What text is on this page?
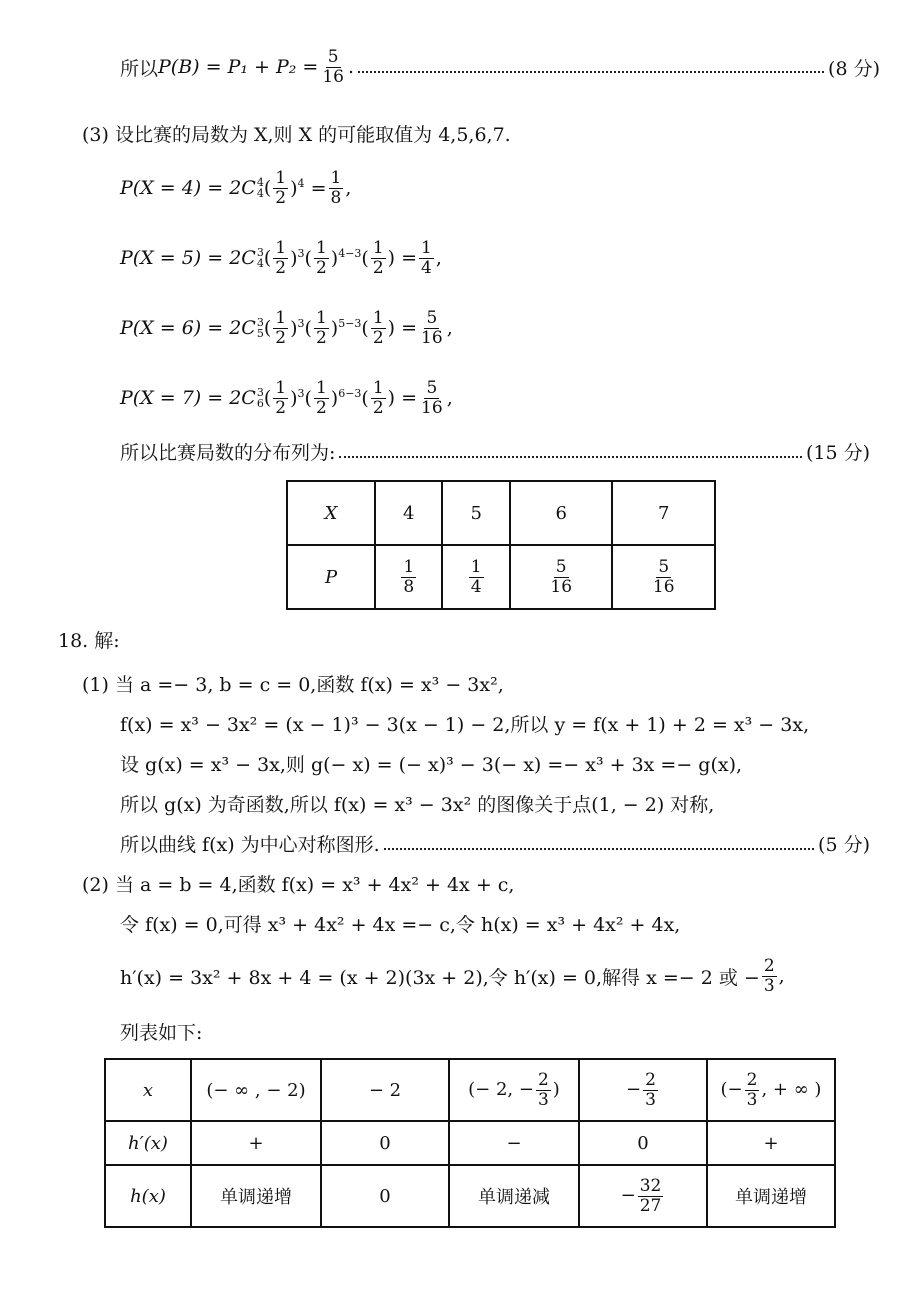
所以 $P(B) = P_1 + P_2 = \frac{5}{16}$ .	(8 分)
(3) 设比赛的局数为 X,则 X 的可能取值为 4,5,6,7.
P(X = 4) = 2C 4
4 ( $\frac{1}{2} )^4 = \frac{1}{8}$ ,
P(X = 5) = 2C 3
4 ( $\frac{1}{2} )^3( \frac{1}{2} )^{4-3}( \frac{1}{2}$ ) = $\frac{1}{4}$ ,
P(X = 6) = 2C 3
5 ( $\frac{1}{2} )^3( \frac{1}{2} )^{5-3}( \frac{1}{2}$ ) = $\frac{5}{16}$ ,
P(X = 7) = 2C 3
6 ( $\frac{1}{2} )^3( \frac{1}{2} )^{6-3}( \frac{1}{2}$ ) = $\frac{5}{16}$ ,
所以比赛局数的分布列为:	(15 分)
X	4	5	6	7
P	$\frac{1}{8}$	$\frac{1}{4}$	$\frac{5}{16}$	$\frac{5}{16}$
18. 解:
(1) 当 a =− 3, b = c = 0,函数 f(x) = x³ − 3x²,
f(x) = x³ − 3x² = (x − 1)³ − 3(x − 1) − 2,所以 y = f(x + 1) + 2 = x³ − 3x,
设 g(x) = x³ − 3x,则 g(− x) = (− x)³ − 3(− x) =− x³ + 3x =− g(x),
所以 g(x) 为奇函数,所以 f(x) = x³ − 3x² 的图像关于点(1, − 2) 对称,
所以曲线 f(x) 为中心对称图形.	(5 分)
(2) 当 a = b = 4,函数 f(x) = x³ + 4x² + 4x + c,
令 f(x) = 0,可得 x³ + 4x² + 4x =− c,令 h(x) = x³ + 4x² + 4x,
h′(x) = 3x² + 8x + 4 = (x + 2)(3x + 2),令 h′(x) = 0,解得 x =− 2 或 − $\frac{2}{3}$ ,
列表如下:
x	(− ∞ , − 2)	− 2	(− 2, − $\frac{2}{3}$ )	− $\frac{2}{3}$	(− $\frac{2}{3}$ , + ∞ )
h′(x)	+	0	−	0	+
h(x)	单调递增	0	单调递减	− $\frac{32}{27}$	单调递增
